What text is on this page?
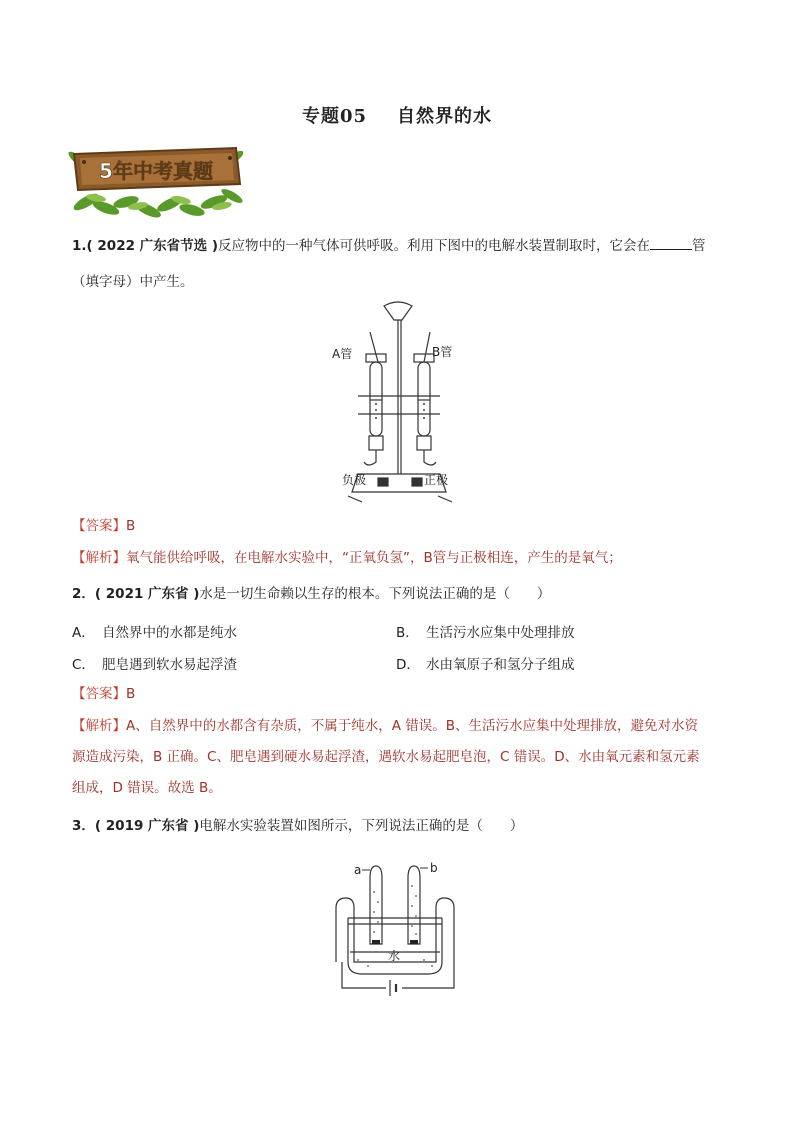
专题05 自然界的水
5年中考真题
1.( 2022 广东省节选 )反应物中的一种气体可供呼吸。利用下图中的电解水装置制取时，它会在	管
（填字母）中产生。
A管	B管
负极	正极
【答案】B
【解析】氧气能供给呼吸，在电解水实验中，“正氧负氢”，B管与正极相连，产生的是氧气；
2．( 2021 广东省 )水是一切生命赖以生存的根本。下列说法正确的是（　　）
A． 自然界中的水都是纯水	B． 生活污水应集中处理排放
C． 肥皂遇到软水易起浮渣	D． 水由氧原子和氢分子组成
【答案】B
【解析】A、自然界中的水都含有杂质，不属于纯水，A 错误。B、生活污水应集中处理排放，避免对水资
源造成污染，B 正确。C、肥皂遇到硬水易起浮渣，遇软水易起肥皂泡，C 错误。D、水由氧元素和氢元素
组成，D 错误。故选 B。
3．( 2019 广东省 )电解水实验装置如图所示，下列说法正确的是（　　）
a	b
水
